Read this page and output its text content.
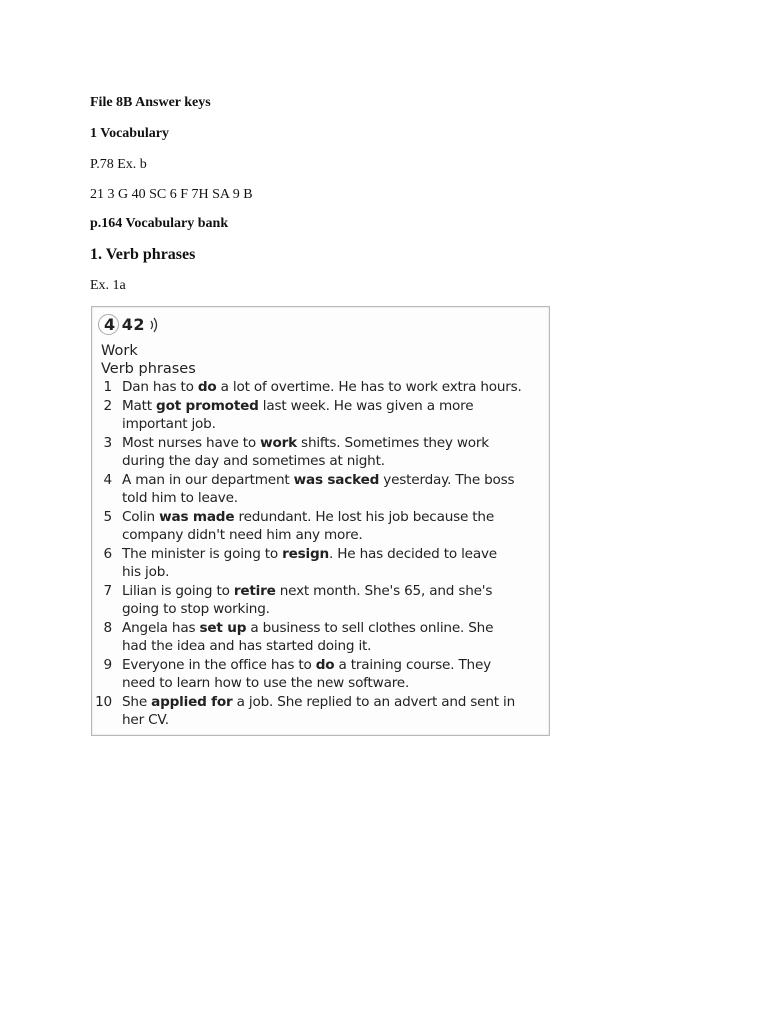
File 8B Answer keys
1 Vocabulary
P.78 Ex. b
21 3 G 40 SC 6 F 7H SA 9 B
p.164 Vocabulary bank
1. Verb phrases
Ex. 1a
4 42
Work
Verb phrases
1 Dan has to do a lot of overtime. He has to work extra hours.
2 Matt got promoted last week. He was given a more
important job.
3 Most nurses have to work shifts. Sometimes they work
during the day and sometimes at night.
4 A man in our department was sacked yesterday. The boss
told him to leave.
5 Colin was made redundant. He lost his job because the
company didn't need him any more.
6 The minister is going to resign. He has decided to leave
his job.
7 Lilian is going to retire next month. She's 65, and she's
going to stop working.
8 Angela has set up a business to sell clothes online. She
had the idea and has started doing it.
9 Everyone in the office has to do a training course. They
need to learn how to use the new software.
10 She applied for a job. She replied to an advert and sent in
her CV.
